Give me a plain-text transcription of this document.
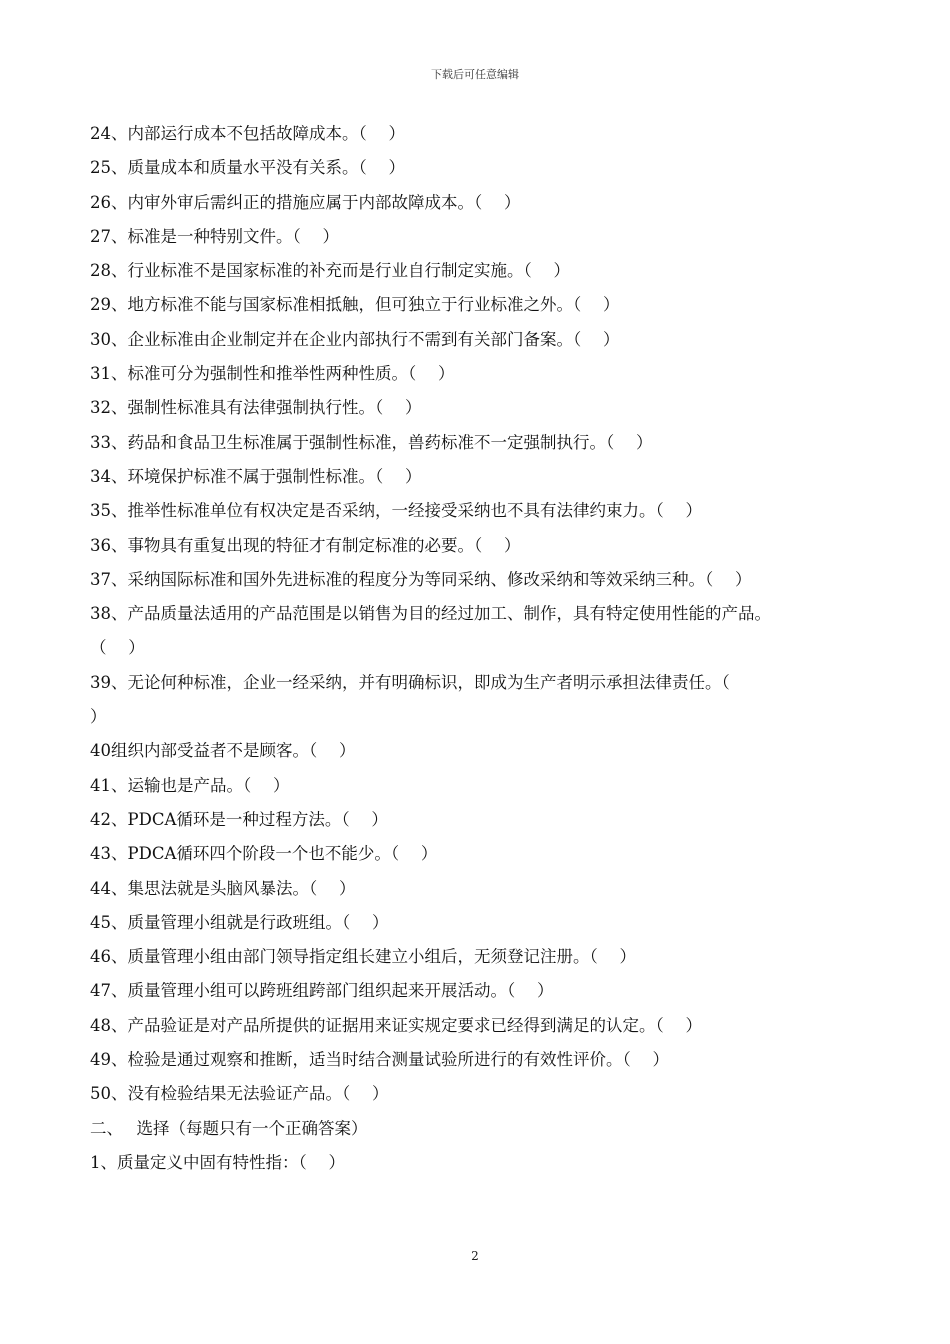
下载后可任意编辑
24、内部运行成本不包括故障成本。（　 ）
25、质量成本和质量水平没有关系。（　 ）
26、内审外审后需纠正的措施应属于内部故障成本。（　 ）
27、标准是一种特别文件。（　 ）
28、行业标准不是国家标准的补充而是行业自行制定实施。（　 ）
29、地方标准不能与国家标准相抵触，但可独立于行业标准之外。（　 ）
30、企业标准由企业制定并在企业内部执行不需到有关部门备案。（　 ）
31、标准可分为强制性和推举性两种性质。（　 ）
32、强制性标准具有法律强制执行性。（　 ）
33、药品和食品卫生标准属于强制性标准，兽药标准不一定强制执行。（　 ）
34、环境保护标准不属于强制性标准。（　 ）
35、推举性标准单位有权决定是否采纳，一经接受采纳也不具有法律约束力。（　 ）
36、事物具有重复出现的特征才有制定标准的必要。（　 ）
37、采纳国际标准和国外先进标准的程度分为等同采纳、修改采纳和等效采纳三种。（　 ）
38、产品质量法适用的产品范围是以销售为目的经过加工、制作，具有特定使用性能的产品。
（　 ）
39、无论何种标准，企业一经采纳，并有明确标识，即成为生产者明示承担法律责任。（
）
40组织内部受益者不是顾客。（　 ）
41、运输也是产品。（　 ）
42、PDCA循环是一种过程方法。（　 ）
43、PDCA循环四个阶段一个也不能少。（　 ）
44、集思法就是头脑风暴法。（　 ）
45、质量管理小组就是行政班组。（　 ）
46、质量管理小组由部门领导指定组长建立小组后，无须登记注册。（　 ）
47、质量管理小组可以跨班组跨部门组织起来开展活动。（　 ）
48、产品验证是对产品所提供的证据用来证实规定要求已经得到满足的认定。（　 ）
49、检验是通过观察和推断，适当时结合测量试验所进行的有效性评价。（　 ）
50、没有检验结果无法验证产品。（　 ）
二、　 选择（每题只有一个正确答案）
1、质量定义中固有特性指：（　 ）
2
